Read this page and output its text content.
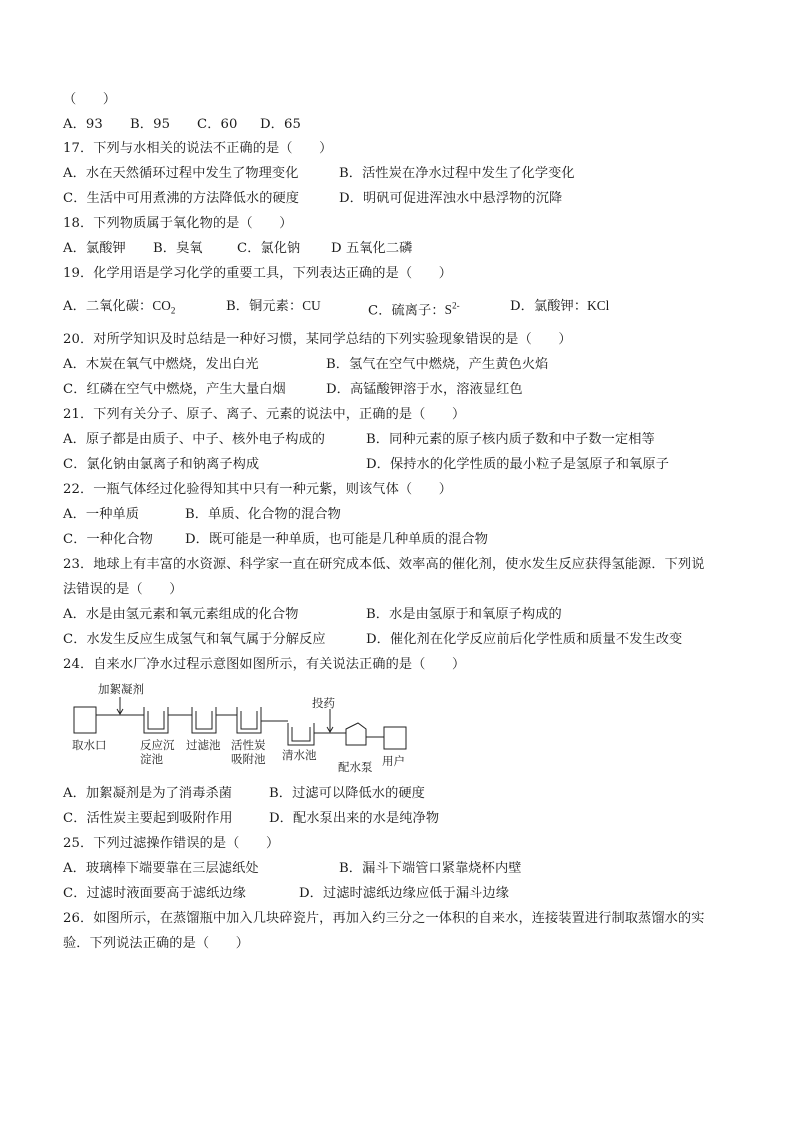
（　　）
A．93 B．95 C．60 D．65
17．下列与水相关的说法不正确的是（　　）
A．水在天然循环过程中发生了物理变化	B．活性炭在净水过程中发生了化学变化
C．生活中可用煮沸的方法降低水的硬度	D．明矾可促进浑浊水中悬浮物的沉降
18．下列物质属于氧化物的是（　　）
A．氯酸钾 B．臭氧	C．氯化钠 D 五氧化二磷
19．化学用语是学习化学的重要工具，下列表达正确的是（　　）
A．二氧化碳：$CO_2$	B．铜元素：CU	C．硫离子：$S^{2-}$	D．氯酸钾：KCl
20．对所学知识及时总结是一种好习惯，某同学总结的下列实验现象错误的是（　　）
A．木炭在氧气中燃烧，发出白光	B．氢气在空气中燃烧，产生黄色火焰
C．红磷在空气中燃烧，产生大量白烟	D．高锰酸钾溶于水，溶液显红色
21．下列有关分子、原子、离子、元素的说法中，正确的是（　　）
A．原子都是由质子、中子、核外电子构成的	B．同种元素的原子核内质子数和中子数一定相等
C．氯化钠由氯离子和钠离子构成	D．保持水的化学性质的最小粒子是氢原子和氧原子
22．一瓶气体经过化验得知其中只有一种元紫，则该气体（　　）
A．一种单质	B．单质、化合物的混合物
C．一种化合物 D．既可能是一种单质，也可能是几种单质的混合物
23．地球上有丰富的水资源、科学家一直在研究成本低、效率高的催化剂，使水发生反应获得氢能源．下列说
法错误的是（　　）
A．水是由氢元素和氧元素组成的化合物	B．水是由氢原于和氧原子构成的
C．水发生反应生成氢气和氧气属于分解反应	D．催化剂在化学反应前后化学性质和质量不发生改变
24．自来水厂净水过程示意图如图所示，有关说法正确的是（　　）
加絮凝剂
投药
取水口	反应沉
淀池
过滤池 活性炭
吸附池 清水池
配水泵 用户
A．加絮凝剂是为了消毒杀菌	B．过滤可以降低水的硬度
C．活性炭主要起到吸附作用	D．配水泵出来的水是纯净物
25．下列过滤操作错误的是（　　）
A．玻璃棒下端要靠在三层滤纸处	B．漏斗下端管口紧靠烧杯内壁
C．过滤时液面要高于滤纸边缘	D．过滤时滤纸边缘应低于漏斗边缘
26．如图所示，在蒸馏瓶中加入几块碎瓷片，再加入约三分之一体积的自来水，连接装置进行制取蒸馏水的实
验．下列说法正确的是（　　）
